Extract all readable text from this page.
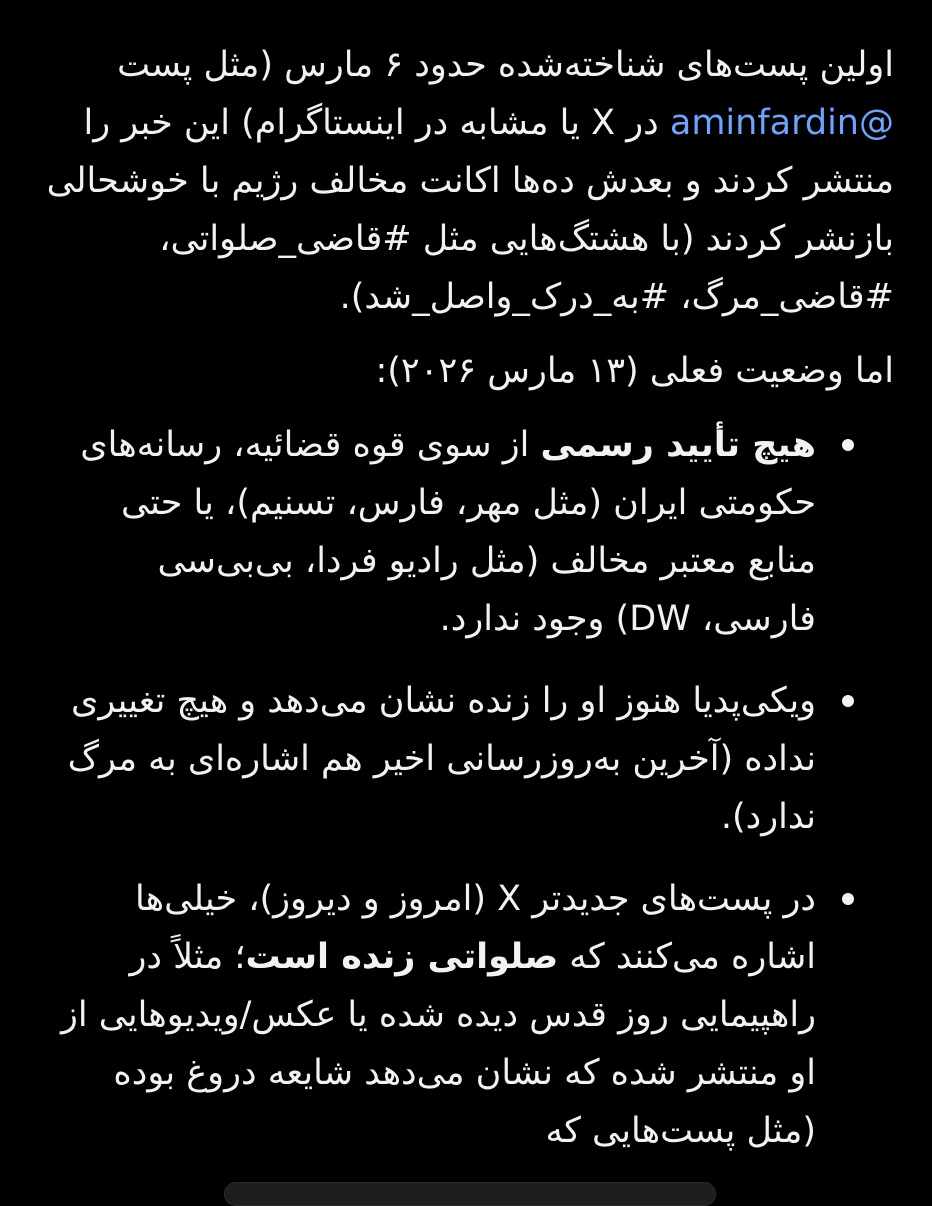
اولین پست‌های شناخته‌شده حدود ۶ مارس (مثل پست @aminfardin در X یا مشابه در اینستاگرام) این خبر را منتشر کردند و بعدش ده‌ها اکانت مخالف رژیم با خوشحالی بازنشر کردند (با هشتگ‌هایی مثل #قاضی_صلواتی، #قاضی_مرگ، #به_درک_واصل_شد).

اما وضعیت فعلی (۱۳ مارس ۲۰۲۶):

هیچ تأیید رسمی از سوی قوه قضائیه، رسانه‌های حکومتی ایران (مثل مهر، فارس، تسنیم)، یا حتی منابع معتبر مخالف (مثل رادیو فردا، بی‌بی‌سی فارسی، DW) وجود ندارد.
ویکی‌پدیا هنوز او را زنده نشان می‌دهد و هیچ تغییری نداده (آخرین به‌روزرسانی اخیر هم اشاره‌ای به مرگ ندارد).
در پست‌های جدیدتر X (امروز و دیروز)، خیلی‌ها اشاره می‌کنند که صلواتی زنده است؛ مثلاً در راهپیمایی روز قدس دیده شده یا عکس/ویدیوهایی از او منتشر شده که نشان می‌دهد شایعه دروغ بوده (مثل پست‌هایی که
